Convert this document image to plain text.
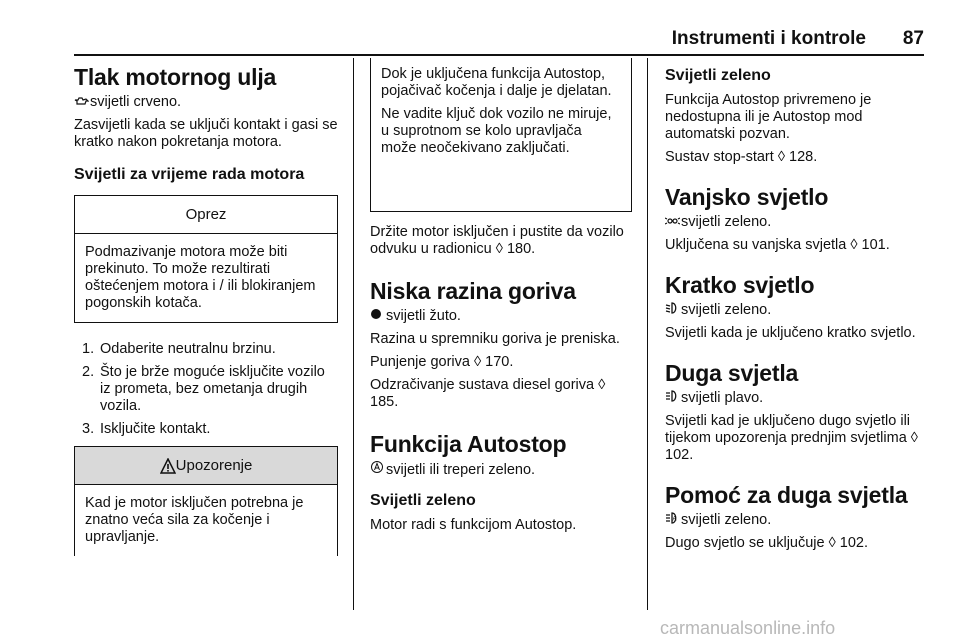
Instrumenti i kontrole 87
Tlak motornog ulja

svijetli crveno.

Zasvijetli kada se uključi kontakt i gasi se kratko nakon pokretanja motora.

Svijetli za vrijeme rada motora
Oprez
Podmazivanje motora može biti prekinuto. To može rezultirati oštećenjem motora i / ili blokiranjem pogonskih kotača.
1. Odaberite neutralnu brzinu.
2. Što je brže moguće isključite vozilo iz prometa, bez ometanja drugih vozila.
3. Isključite kontakt.
Upozorenje
Kad je motor isključen potrebna je znatno veća sila za kočenje i upravljanje.

Dok je uključena funkcija Autostop, pojačivač kočenja i dalje je djelatan.

Ne vadite ključ dok vozilo ne miruje, u suprotnom se kolo upravljača može neočekivano zaključati.

Držite motor isključen i pustite da vozilo odvuku u radionicu ◊ 180.

Niska razina goriva

svijetli žuto.

Razina u spremniku goriva je preniska.

Punjenje goriva ◊ 170.

Odzračivanje sustava diesel goriva ◊ 185.

Funkcija Autostop

svijetli ili treperi zeleno.

Svijetli zeleno

Motor radi s funkcijom Autostop.

Svijetli zeleno

Funkcija Autostop privremeno je nedostupna ili je Autostop mod automatski pozvan.

Sustav stop-start ◊ 128.

Vanjsko svjetlo

svijetli zeleno.

Uključena su vanjska svjetla ◊ 101.

Kratko svjetlo

svijetli zeleno.

Svijetli kada je uključeno kratko svjetlo.

Duga svjetla

svijetli plavo.

Svijetli kad je uključeno dugo svjetlo ili tijekom upozorenja prednjim svjetlima ◊ 102.

Pomoć za duga svjetla

A svijetli zeleno.

Dugo svjetlo se uključuje ◊ 102.

carmanualsonline.info
